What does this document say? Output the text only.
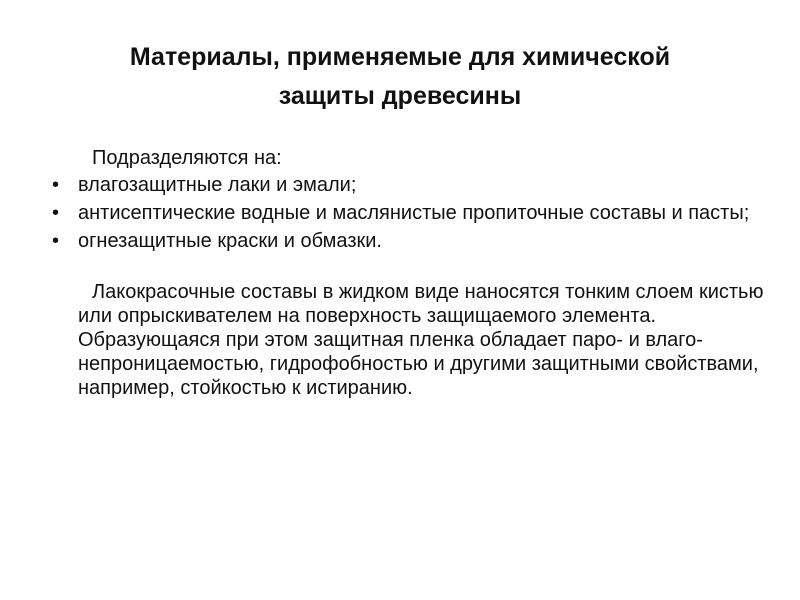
Материалы, применяемые для химической
защиты древесины

Подразделяются на:

• влагозащитные лаки и эмали;
• антисептические водные и маслянистые пропиточные составы и пасты;
• огнезащитные краски и обмазки.

Лакокрасочные составы в жидком виде наносятся тонким слоем кистью или опрыскивателем на поверхность защищаемого элемента. Образующаяся при этом защитная пленка обладает паро- и влаго-непроницаемостью, гидрофобностью и другими защитными свойствами, например, стойкостью к истиранию.
